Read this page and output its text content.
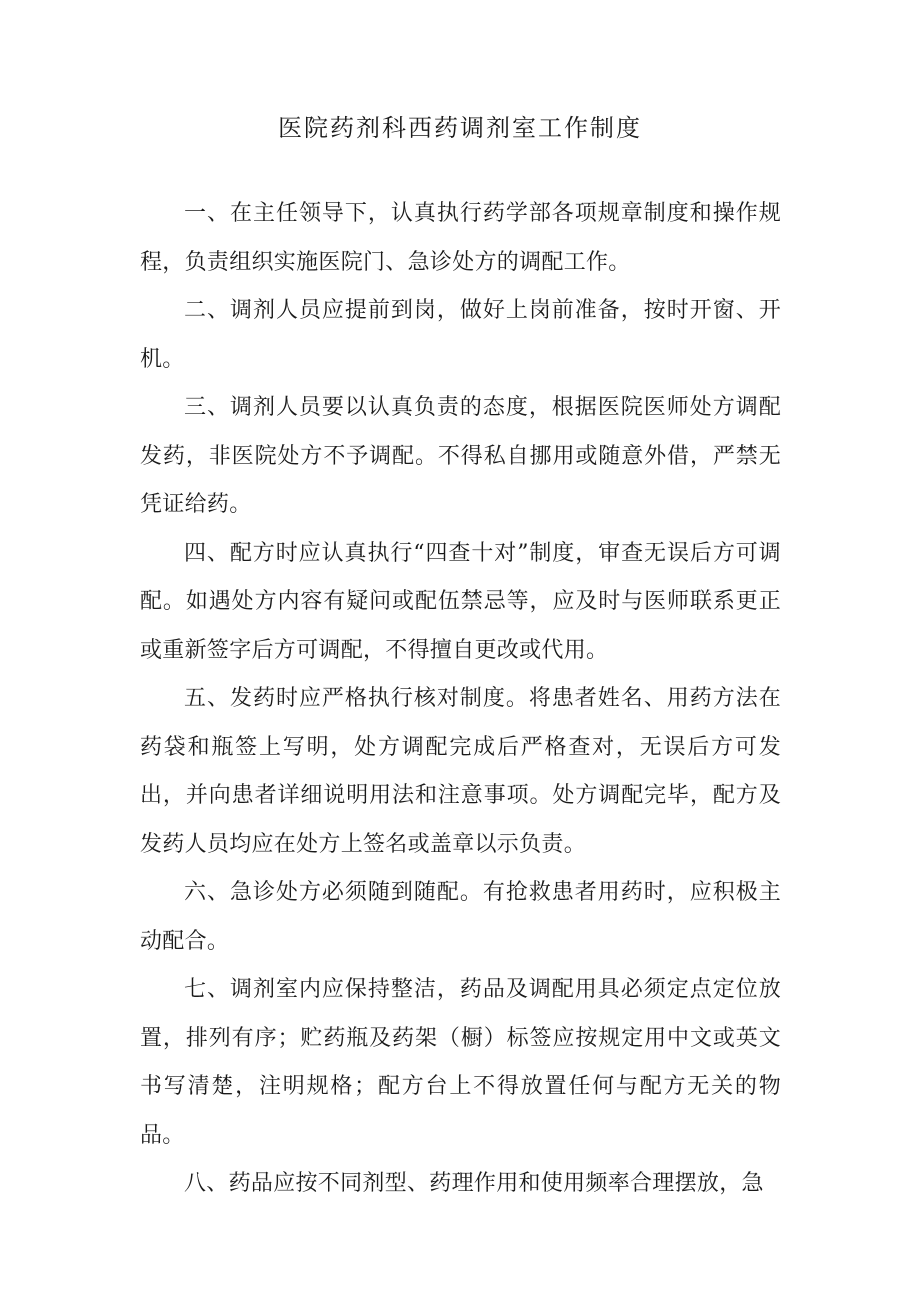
医院药剂科西药调剂室工作制度

一、在主任领导下，认真执行药学部各项规章制度和操作规程，负责组织实施医院门、急诊处方的调配工作。

二、调剂人员应提前到岗，做好上岗前准备，按时开窗、开机。

三、调剂人员要以认真负责的态度，根据医院医师处方调配发药，非医院处方不予调配。不得私自挪用或随意外借，严禁无凭证给药。

四、配方时应认真执行“四查十对”制度，审查无误后方可调配。如遇处方内容有疑问或配伍禁忌等，应及时与医师联系更正或重新签字后方可调配，不得擅自更改或代用。

五、发药时应严格执行核对制度。将患者姓名、用药方法在药袋和瓶签上写明，处方调配完成后严格查对，无误后方可发出，并向患者详细说明用法和注意事项。处方调配完毕，配方及发药人员均应在处方上签名或盖章以示负责。

六、急诊处方必须随到随配。有抢救患者用药时，应积极主动配合。

七、调剂室内应保持整洁，药品及调配用具必须定点定位放置，排列有序；贮药瓶及药架（橱）标签应按规定用中文或英文书写清楚，注明规格；配方台上不得放置任何与配方无关的物品。

八、药品应按不同剂型、药理作用和使用频率合理摆放，急
